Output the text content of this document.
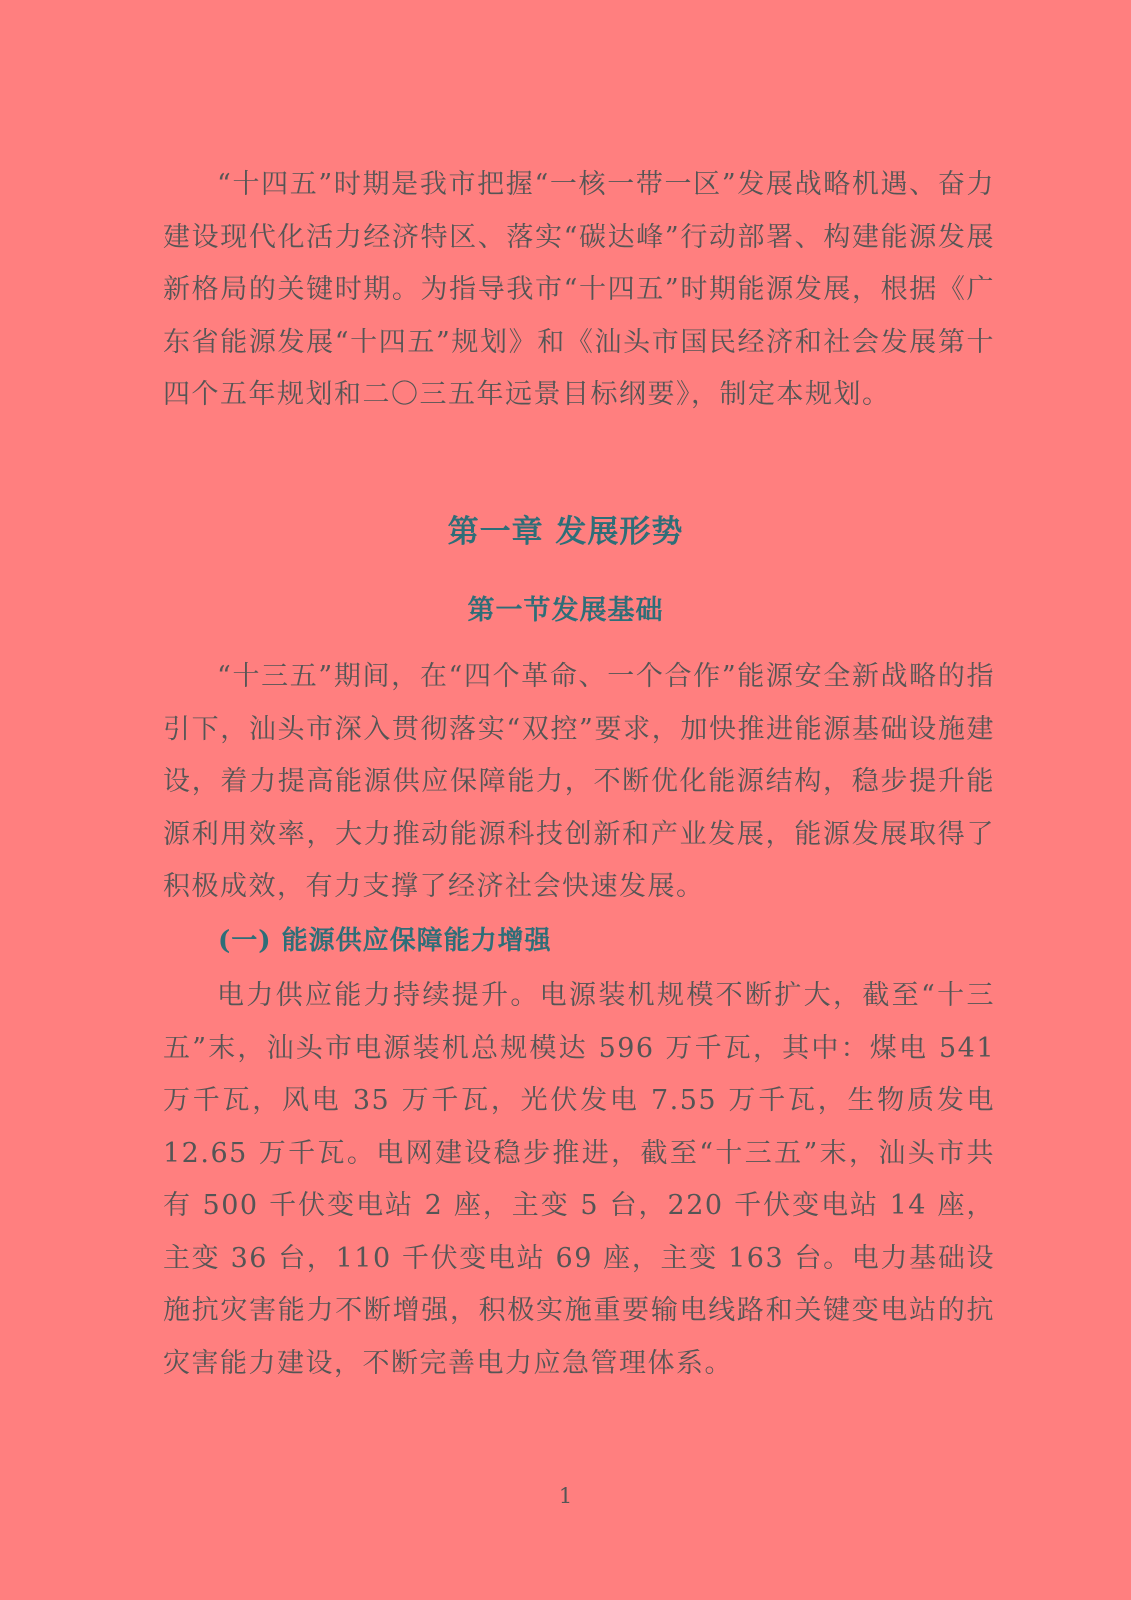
“十四五”时期是我市把握“一核一带一区”发展战略机遇、奋力建设现代化活力经济特区、落实“碳达峰”行动部署、构建能源发展新格局的关键时期。为指导我市“十四五”时期能源发展，根据《广东省能源发展“十四五”规划》和《汕头市国民经济和社会发展第十四个五年规划和二〇三五年远景目标纲要》，制定本规划。

第一章 发展形势
第一节发展基础

“十三五”期间，在“四个革命、一个合作”能源安全新战略的指引下，汕头市深入贯彻落实“双控”要求，加快推进能源基础设施建设，着力提高能源供应保障能力，不断优化能源结构，稳步提升能源利用效率，大力推动能源科技创新和产业发展，能源发展取得了积极成效，有力支撑了经济社会快速发展。

(一) 能源供应保障能力增强

电力供应能力持续提升。电源装机规模不断扩大，截至“十三五”末，汕头市电源装机总规模达 596 万千瓦，其中：煤电 541 万千瓦，风电 35 万千瓦，光伏发电 7.55 万千瓦，生物质发电 12.65 万千瓦。电网建设稳步推进，截至“十三五”末，汕头市共有 500 千伏变电站 2 座，主变 5 台，220 千伏变电站 14 座，主变 36 台，110 千伏变电站 69 座，主变 163 台。电力基础设施抗灾害能力不断增强，积极实施重要输电线路和关键变电站的抗灾害能力建设，不断完善电力应急管理体系。

1
